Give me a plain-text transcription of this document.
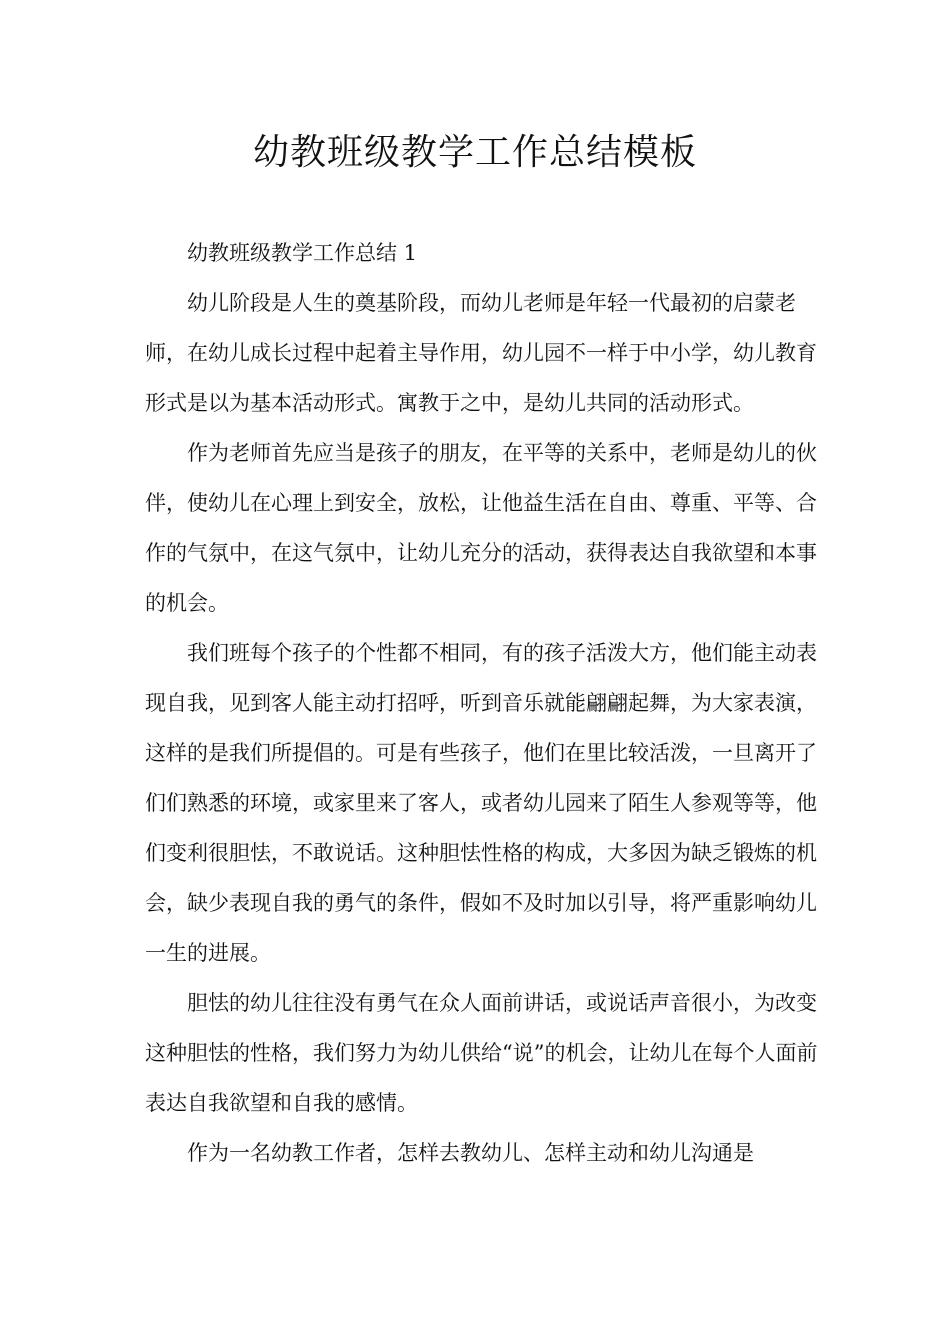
幼教班级教学工作总结模板

幼教班级教学工作总结 1

幼儿阶段是人生的奠基阶段，而幼儿老师是年轻一代最初的启蒙老师，在幼儿成长过程中起着主导作用，幼儿园不一样于中小学，幼儿教育形式是以为基本活动形式。寓教于之中，是幼儿共同的活动形式。

作为老师首先应当是孩子的朋友，在平等的关系中，老师是幼儿的伙伴，使幼儿在心理上到安全，放松，让他益生活在自由、尊重、平等、合作的气氛中，在这气氛中，让幼儿充分的活动，获得表达自我欲望和本事的机会。

我们班每个孩子的个性都不相同，有的孩子活泼大方，他们能主动表现自我，见到客人能主动打招呼，听到音乐就能翩翩起舞，为大家表演，这样的是我们所提倡的。可是有些孩子，他们在里比较活泼，一旦离开了们们熟悉的环境，或家里来了客人，或者幼儿园来了陌生人参观等等，他们变利很胆怯，不敢说话。这种胆怯性格的构成，大多因为缺乏锻炼的机会，缺少表现自我的勇气的条件，假如不及时加以引导，将严重影响幼儿一生的进展。

胆怯的幼儿往往没有勇气在众人面前讲话，或说话声音很小，为改变这种胆怯的性格，我们努力为幼儿供给“说”的机会，让幼儿在每个人面前表达自我欲望和自我的感情。

作为一名幼教工作者，怎样去教幼儿、怎样主动和幼儿沟通是
